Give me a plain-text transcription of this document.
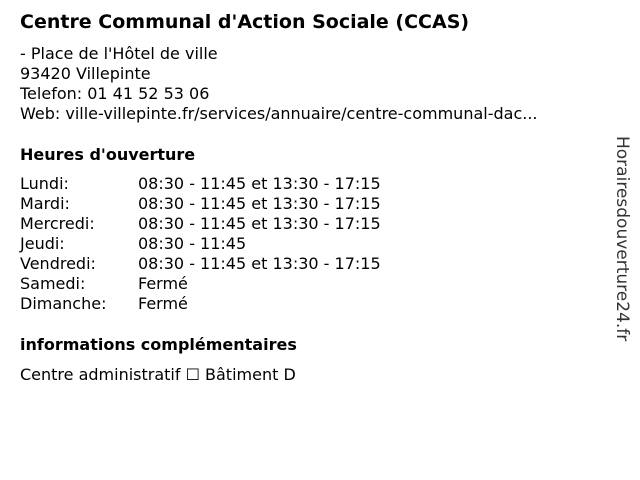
Centre Communal d'Action Sociale (CCAS)
- Place de l'Hôtel de ville
93420 Villepinte
Telefon: 01 41 52 53 06
Web: ville-villepinte.fr/services/annuaire/centre-communal-dac...
Heures d'ouverture
Lundi:	08:30 - 11:45 et 13:30 - 17:15
Mardi:	08:30 - 11:45 et 13:30 - 17:15
Mercredi:	08:30 - 11:45 et 13:30 - 17:15
Jeudi:	08:30 - 11:45
Vendredi:	08:30 - 11:45 et 13:30 - 17:15
Samedi:	Fermé
Dimanche: Fermé
informations complémentaires
Centre administratif ☐ Bâtiment D
Horairesdouverture24.fr
